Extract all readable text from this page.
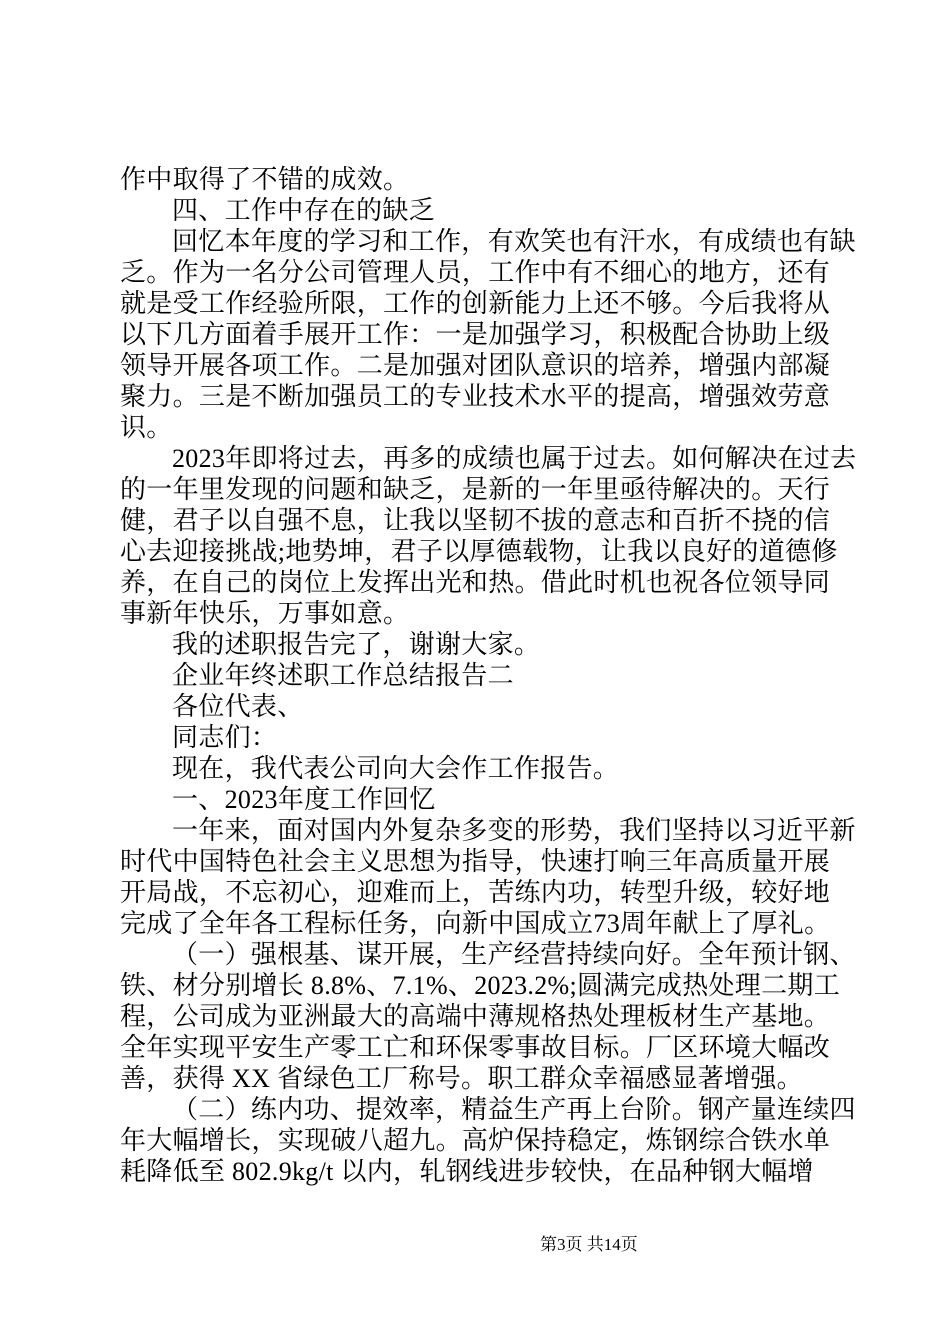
作中取得了不错的成效。
四、工作中存在的缺乏
回忆本年度的学习和工作，有欢笑也有汗水，有成绩也有缺
乏。作为一名分公司管理人员，工作中有不细心的地方，还有
就是受工作经验所限，工作的创新能力上还不够。今后我将从
以下几方面着手展开工作：一是加强学习，积极配合协助上级
领导开展各项工作。二是加强对团队意识的培养，增强内部凝
聚力。三是不断加强员工的专业技术水平的提高，增强效劳意
识。
2023年即将过去，再多的成绩也属于过去。如何解决在过去
的一年里发现的问题和缺乏，是新的一年里亟待解决的。天行
健，君子以自强不息，让我以坚韧不拔的意志和百折不挠的信
心去迎接挑战;地势坤，君子以厚德载物，让我以良好的道德修
养，在自己的岗位上发挥出光和热。借此时机也祝各位领导同
事新年快乐，万事如意。
我的述职报告完了，谢谢大家。
企业年终述职工作总结报告二
各位代表、
同志们：
现在，我代表公司向大会作工作报告。
一、2023年度工作回忆
一年来，面对国内外复杂多变的形势，我们坚持以习近平新
时代中国特色社会主义思想为指导，快速打响三年高质量开展
开局战，不忘初心，迎难而上，苦练内功，转型升级，较好地
完成了全年各工程标任务，向新中国成立73周年献上了厚礼。
（一）强根基、谋开展，生产经营持续向好。全年预计钢、
铁、材分别增长 8.8%、7.1%、2023.2%;圆满完成热处理二期工
程，公司成为亚洲最大的高端中薄规格热处理板材生产基地。
全年实现平安生产零工亡和环保零事故目标。厂区环境大幅改
善，获得 XX 省绿色工厂称号。职工群众幸福感显著增强。
（二）练内功、提效率，精益生产再上台阶。钢产量连续四
年大幅增长，实现破八超九。高炉保持稳定，炼钢综合铁水单
耗降低至 802.9kg/t 以内，轧钢线进步较快，在品种钢大幅增
第3页 共14页
